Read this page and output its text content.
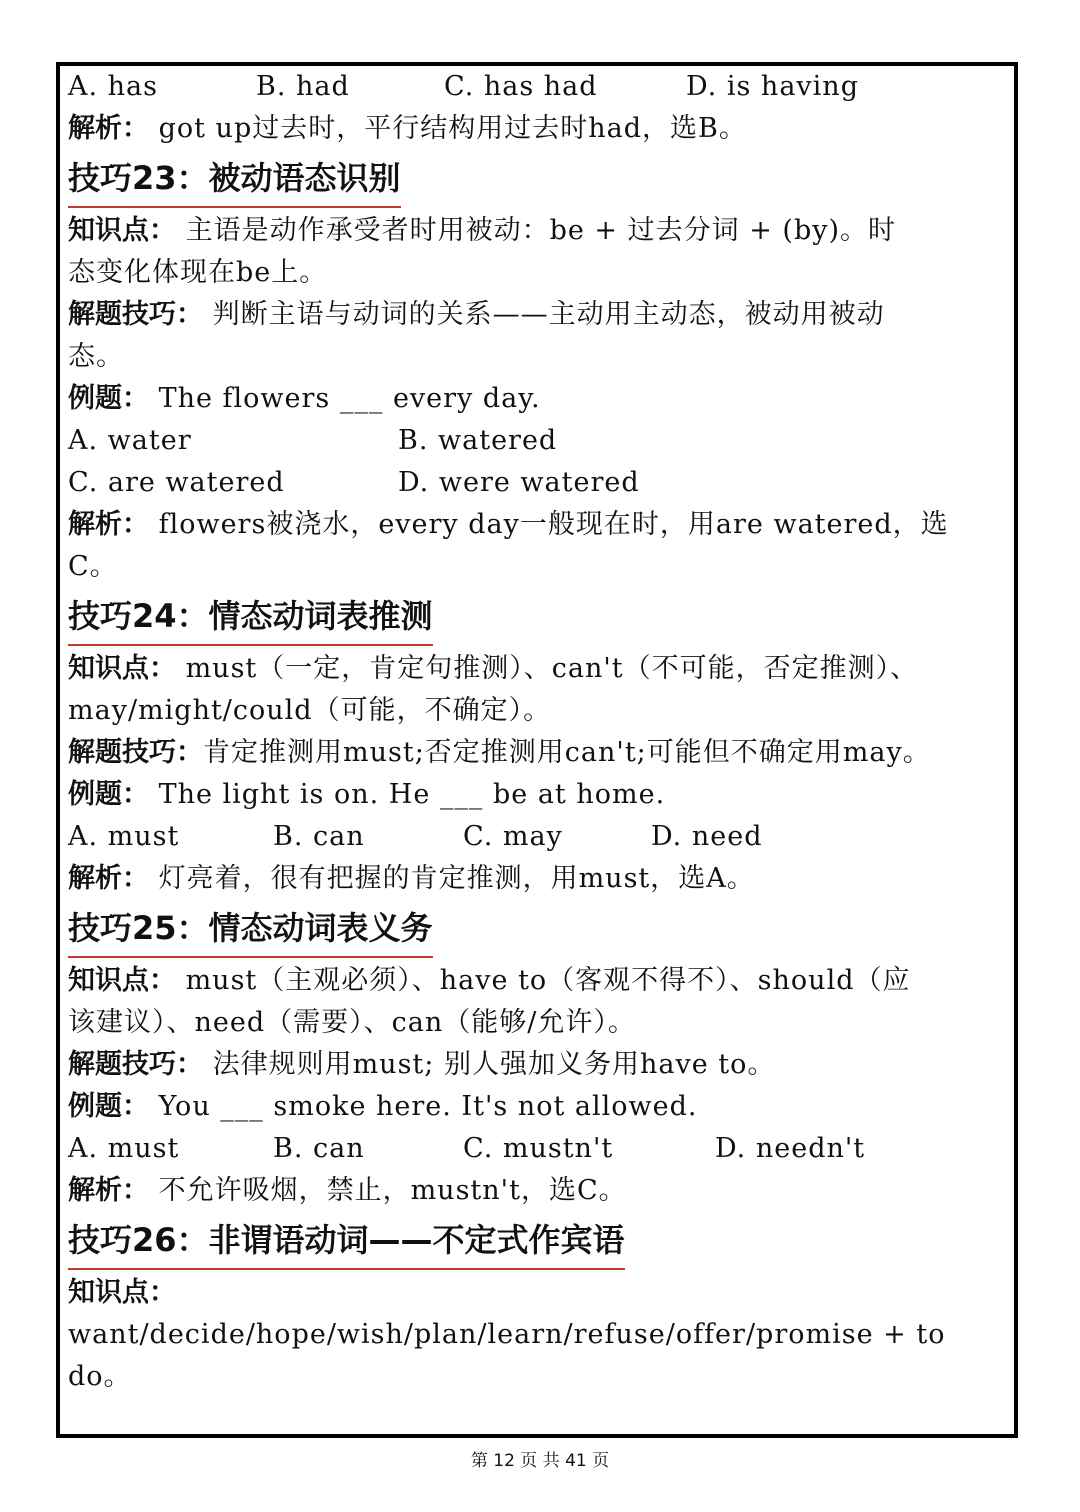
A. has	B. had	C. has had	D. is having
解析： got up过去时，平行结构用过去时had，选B。
技巧23：被动语态识别
知识点： 主语是动作承受者时用被动：be + 过去分词 + (by)。时
态变化体现在be上。
解题技巧： 判断主语与动词的关系——主动用主动态，被动用被动
态。
例题： The flowers ___ every day.
A. water	B. watered
C. are watered	D. were watered
解析： flowers被浇水，every day一般现在时，用are watered，选
C。
技巧24：情态动词表推测
知识点： must（一定，肯定句推测）、can't（不可能，否定推测）、
may/might/could（可能，不确定）。
解题技巧：肯定推测用must;否定推测用can't;可能但不确定用may。
例题： The light is on. He ___ be at home.
A. must	B. can	C. may	D. need
解析： 灯亮着，很有把握的肯定推测，用must，选A。
技巧25：情态动词表义务
知识点： must（主观必须）、have to（客观不得不）、should（应
该建议）、need（需要）、can（能够/允许）。
解题技巧： 法律规则用must; 别人强加义务用have to。
例题： You ___ smoke here. It's not allowed.
A. must	B. can	C. mustn't	D. needn't
解析： 不允许吸烟，禁止，mustn't，选C。
技巧26：非谓语动词——不定式作宾语
知识点：
want/decide/hope/wish/plan/learn/refuse/offer/promise + to
do。
第 12 页 共 41 页
